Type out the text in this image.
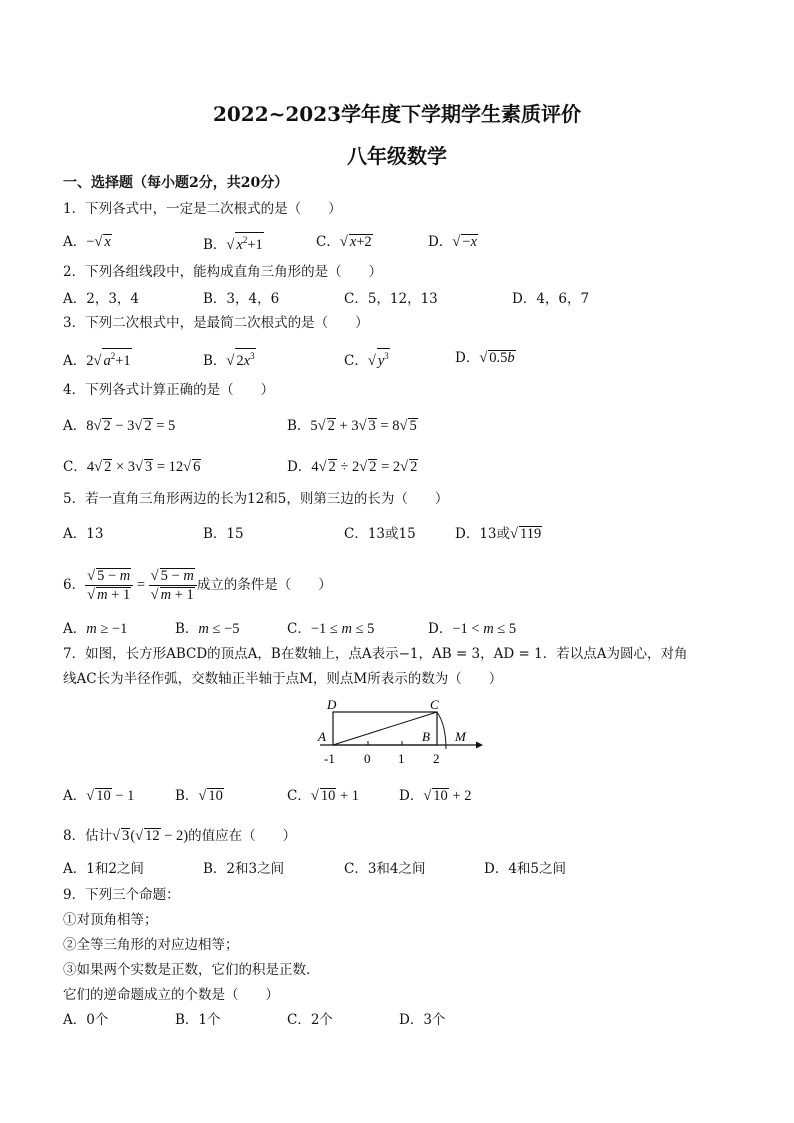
2022~2023学年度下学期学生素质评价
八年级数学
一、选择题（每小题2分，共20分）
1．下列各式中，一定是二次根式的是（　　）
A．−√ x	B．√ $x^2+1$	C．√ x+2	D．√ −x
2．下列各组线段中，能构成直角三角形的是（　　）
A．2，3，4	B．3，4，6	C．5，12，13	D．4，6，7
3．下列二次根式中，是最简二次根式的是（　　）
A．2√ $a^2+1$	B．√ $2x^3$	C．√ $y^3$	D．√ 0.5b
4．下列各式计算正确的是（　　）
A．8√ 2 − 3√ 2 = 5	B．5√ 2 + 3√ 3 = 8√ 5
C．4√ 2 × 3√ 3 = 12√ 6	D．4√ 2 ÷ 2√ 2 = 2√ 2
5．若一直角三角形两边的长为12和5，则第三边的长为（　　）
A．13	B．15	C．13或15	D．13或√ 119
6． $\frac{√ 5 - m}{√ m + 1} = \frac{√ 5 - m}{√ m + 1}$ 成立的条件是（　　）
A．m ≥ −1	B．m ≤ −5	C．−1 ≤ m ≤ 5	D．−1 < m ≤ 5
7．如图，长方形ABCD的顶点A，B在数轴上，点A表示−1，AB = 3，AD = 1．若以点A为圆心，对角
线AC长为半径作弧，交数轴正半轴于点M，则点M所表示的数为（　　）
D	C
A	B M
-1 0 1 2
A．√ 10 − 1	B．√ 10	C．√ 10 + 1	D．√ 10 + 2
8．估计√ 3(√ 12 − 2)的值应在（　　）
A．1和2之间	B．2和3之间	C．3和4之间	D．4和5之间
9．下列三个命题：
①对顶角相等；
②全等三角形的对应边相等；
③如果两个实数是正数，它们的积是正数．
它们的逆命题成立的个数是（　　）
A．0个	B．1个	C．2个	D．3个
